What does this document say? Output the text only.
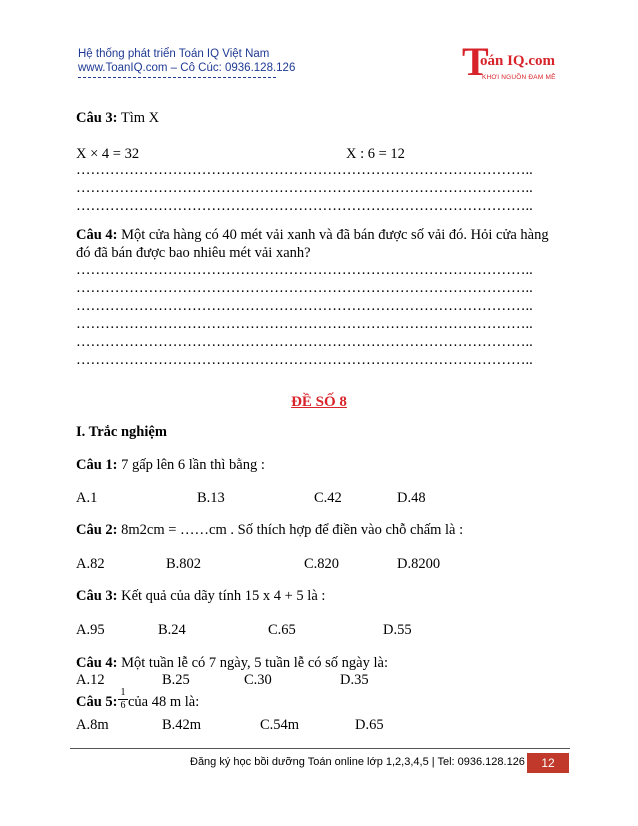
Hệ thống phát triển Toán IQ Việt Nam
www.ToanIQ.com – Cô Cúc: 0936.128.126	T
oán IQ.com
KHƠI NGUỒN ĐAM MÊ
Câu 3: Tìm X
X × 4 = 32	X : 6 = 12
…………………………………………………………………………………..
…………………………………………………………………………………..
…………………………………………………………………………………..
Câu 4: Một cửa hàng có 40 mét vải xanh và đã bán được số vải đó. Hỏi cửa hàng
đó đã bán được bao nhiêu mét vải xanh?
…………………………………………………………………………………..
…………………………………………………………………………………..
…………………………………………………………………………………..
…………………………………………………………………………………..
…………………………………………………………………………………..
…………………………………………………………………………………..
ĐỀ SỐ 8
I. Trắc nghiệm
Câu 1: 7 gấp lên 6 lần thì bằng :
A.1	B.13	C.42	D.48
Câu 2: 8m2cm = ……cm . Số thích hợp để điền vào chỗ chấm là :
A.82	B.802	C.820	D.8200
Câu 3: Kết quả của dãy tính 15 x 4 + 5 là :
A.95	B.24	C.65	D.55
Câu 4: Một tuần lễ có 7 ngày, 5 tuần lễ có số ngày là:
A.12	B.25	C.30	D.35
Câu 5: $\frac{1}{6}$ của 48 m là:
A.8m	B.42m	C.54m	D.65
Đăng ký học bồi dưỡng Toán online lớp 1,2,3,4,5 | Tel: 0936.128.126	12
